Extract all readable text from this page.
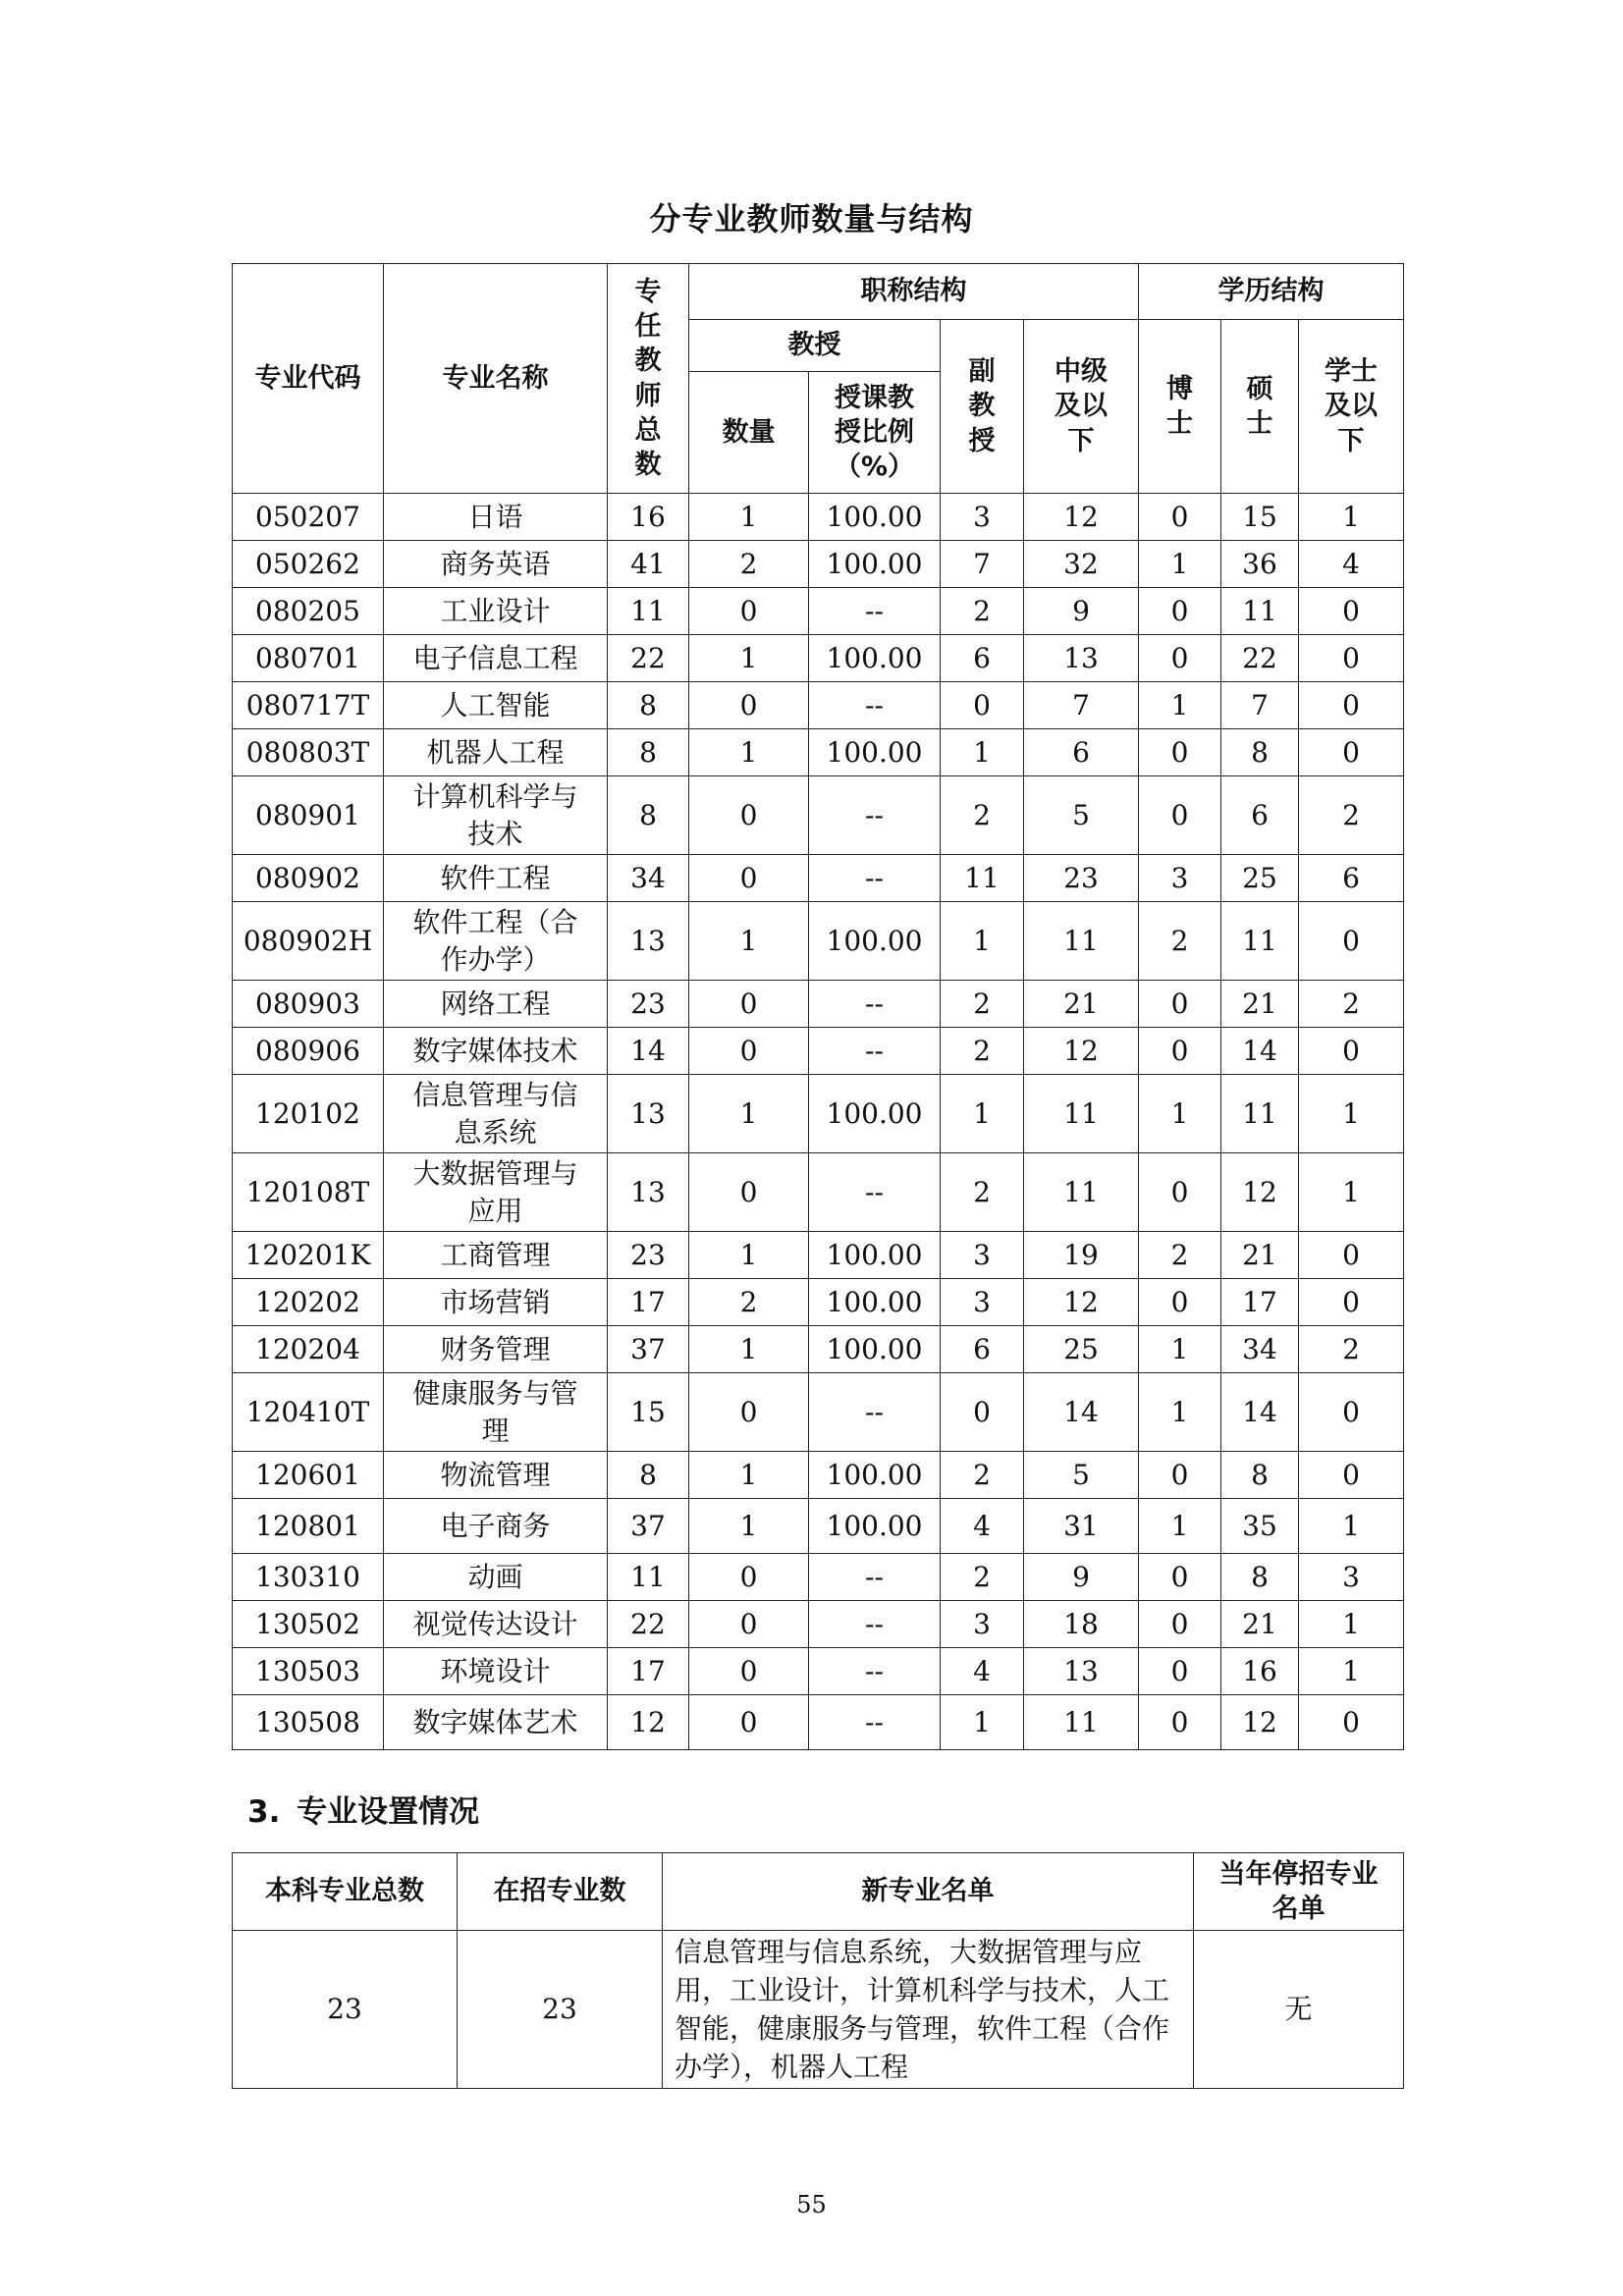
分专业教师数量与结构
专业代码	专业名称	专任教师总数	职称结构				学历结构		
			教授		副教授	中级及以下	博士	硕士	学士及以下

			数量	授课教授比例（%）					

050207	日语	16	1	100.00	3	12	0	15	1
050262	商务英语	41	2	100.00	7	32	1	36	4
080205	工业设计	11	0	--	2	9	0	11	0
080701	电子信息工程	22	1	100.00	6	13	0	22	0
080717T	人工智能	8	0	--	0	7	1	7	0
080803T	机器人工程	8	1	100.00	1	6	0	8	0
080901	计算机科学与技术	8	0	--	2	5	0	6	2
080902	软件工程	34	0	--	11	23	3	25	6
080902H	软件工程（合作办学）	13	1	100.00	1	11	2	11	0
080903	网络工程	23	0	--	2	21	0	21	2
080906	数字媒体技术	14	0	--	2	12	0	14	0
120102	信息管理与信息系统	13	1	100.00	1	11	1	11	1
120108T	大数据管理与应用	13	0	--	2	11	0	12	1
120201K	工商管理	23	1	100.00	3	19	2	21	0
120202	市场营销	17	2	100.00	3	12	0	17	0
120204	财务管理	37	1	100.00	6	25	1	34	2
120410T	健康服务与管理	15	0	--	0	14	1	14	0
120601	物流管理	8	1	100.00	2	5	0	8	0
120801	电子商务	37	1	100.00	4	31	1	35	1
130310	动画	11	0	--	2	9	0	8	3
130502	视觉传达设计	22	0	--	3	18	0	21	1
130503	环境设计	17	0	--	4	13	0	16	1
130508	数字媒体艺术	12	0	--	1	11	0	12	0
3. 专业设置情况
本科专业总数	在招专业数	新专业名单	当年停招专业名单

23	23	信息管理与信息系统，大数据管理与应用，工业设计，计算机科学与技术，人工智能，健康服务与管理，软件工程（合作办学），机器人工程	无
55
